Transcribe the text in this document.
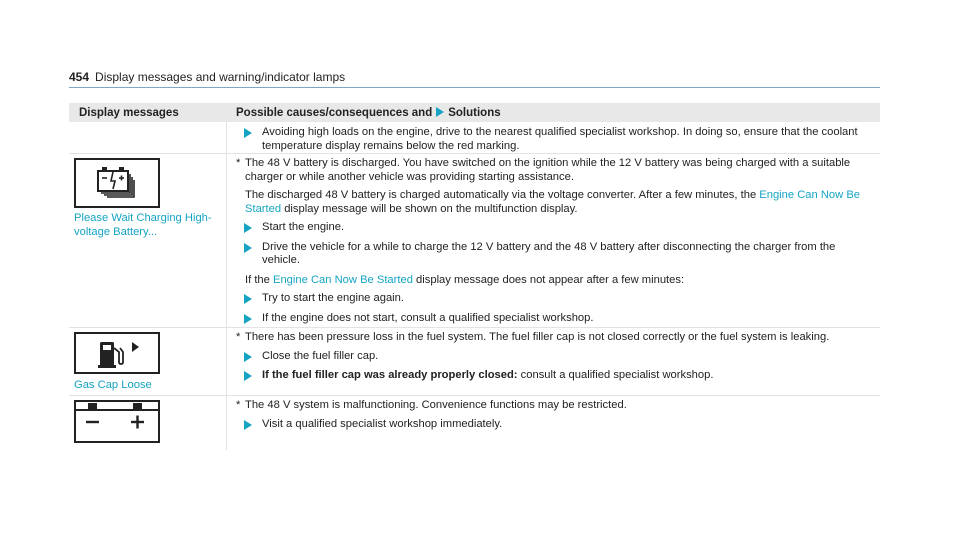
454 Display messages and warning/indicator lamps
Display messages	Possible causes/consequences and Solutions
Avoiding high loads on the engine, drive to the nearest qualified specialist workshop. In doing so, ensure that the coolant temperature display remains below the red marking.
Please Wait Charging High-voltage Battery...
* The 48 V battery is discharged. You have switched on the ignition while the 12 V battery was being charged with a suitable charger or while another vehicle was providing starting assistance.
The discharged 48 V battery is charged automatically via the voltage converter. After a few minutes, the Engine Can Now Be Started display message will be shown on the multifunction display.
Start the engine.
Drive the vehicle for a while to charge the 12 V battery and the 48 V battery after disconnecting the charger from the vehicle.
If the Engine Can Now Be Started display message does not appear after a few minutes:
Try to start the engine again.
If the engine does not start, consult a qualified specialist workshop.
Gas Cap Loose
* There has been pressure loss in the fuel system. The fuel filler cap is not closed correctly or the fuel system is leaking.
Close the fuel filler cap.
If the fuel filler cap was already properly closed: consult a qualified specialist workshop.
* The 48 V system is malfunctioning. Convenience functions may be restricted.
Visit a qualified specialist workshop immediately.
